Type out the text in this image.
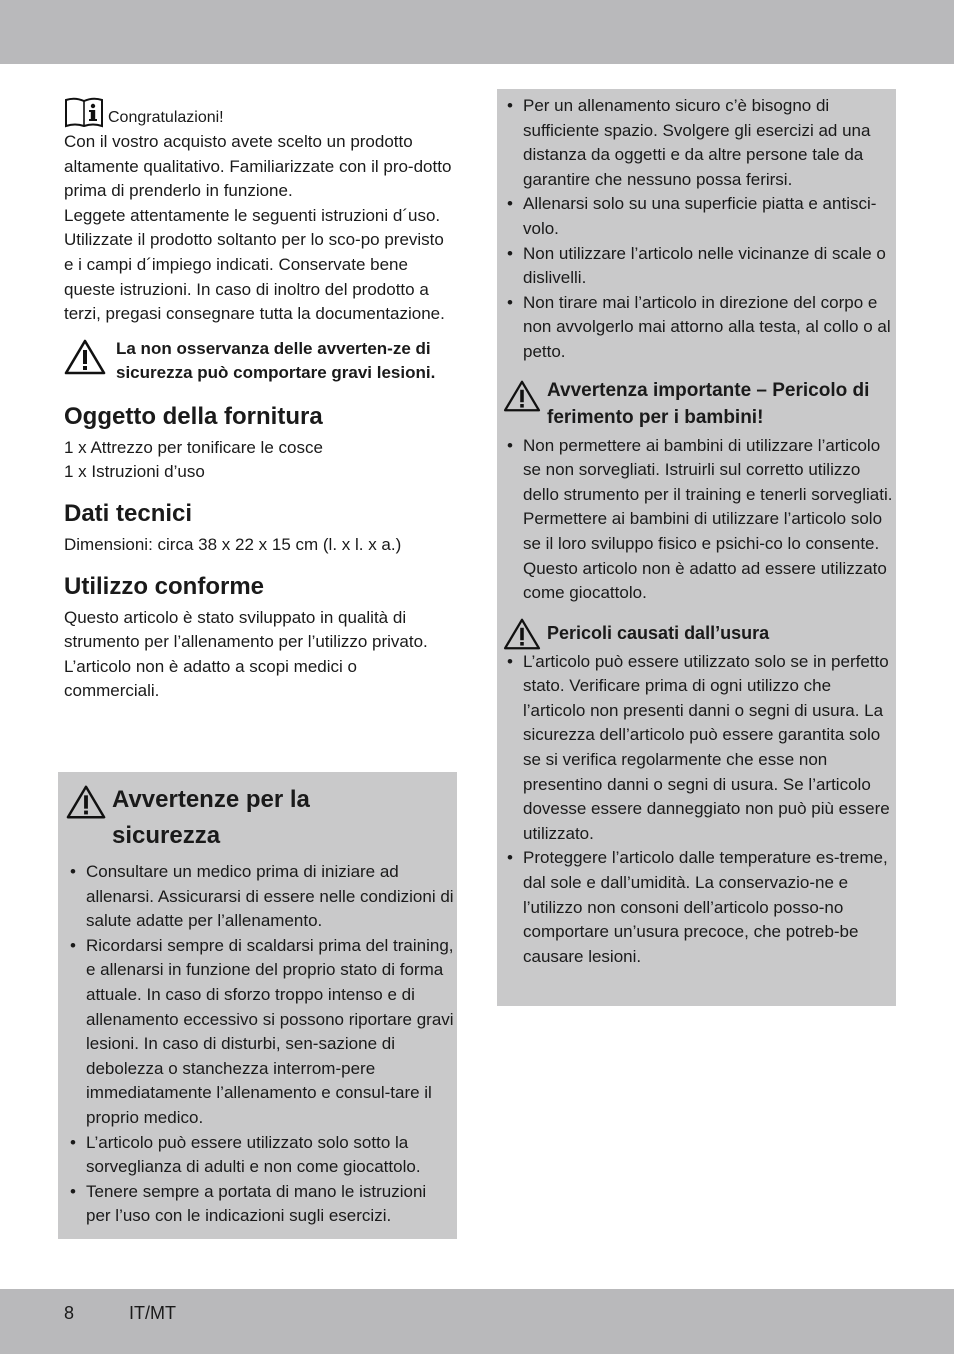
Congratulazioni!

Con il vostro acquisto avete scelto un prodotto altamente qualitativo. Familiarizzate con il pro-dotto prima di prenderlo in funzione.

Leggete attentamente le seguenti istruzioni d´uso. Utilizzate il prodotto soltanto per lo sco-po previsto e i campi d´impiego indicati. Conservate bene queste istruzioni. In caso di inoltro del prodotto a terzi, pregasi consegnare tutta la documentazione.

La non osservanza delle avverten-ze di sicurezza può comportare gravi lesioni.

Oggetto della fornitura

1 x Attrezzo per tonificare le cosce

1 x Istruzioni d’uso

Dati tecnici

Dimensioni: circa 38 x 22 x 15 cm (l. x l. x a.)

Utilizzo conforme

Questo articolo è stato sviluppato in qualità di strumento per l’allenamento per l’utilizzo privato. L’articolo non è adatto a scopi medici o commerciali.

Avvertenze per la
sicurezza
• Consultare un medico prima di iniziare ad allenarsi. Assicurarsi di essere nelle condizioni di salute adatte per l’allenamento.
• Ricordarsi sempre di scaldarsi prima del training, e allenarsi in funzione del proprio stato di forma attuale. In caso di sforzo troppo intenso e di allenamento eccessivo si possono riportare gravi lesioni. In caso di disturbi, sen-sazione di debolezza o stanchezza interrom-pere immediatamente l’allenamento e consul-tare il proprio medico.
• L’articolo può essere utilizzato solo sotto la sorveglianza di adulti e non come giocattolo.
• Tenere sempre a portata di mano le istruzioni per l’uso con le indicazioni sugli esercizi.
• Per un allenamento sicuro c’è bisogno di sufficiente spazio. Svolgere gli esercizi ad una distanza da oggetti e da altre persone tale da garantire che nessuno possa ferirsi.
• Allenarsi solo su una superficie piatta e antisci-volo.
• Non utilizzare l’articolo nelle vicinanze di scale o dislivelli.
• Non tirare mai l’articolo in direzione del corpo e non avvolgerlo mai attorno alla testa, al collo o al petto.
Avvertenza importante – Pericolo di ferimento per i bambini!
• Non permettere ai bambini di utilizzare l’articolo se non sorvegliati. Istruirli sul corretto utilizzo dello strumento per il training e tenerli sorvegliati. Permettere ai bambini di utilizzare l’articolo solo se il loro sviluppo fisico e psichi-co lo consente. Questo articolo non è adatto ad essere utilizzato come giocattolo.
Pericoli causati dall’usura
• L’articolo può essere utilizzato solo se in perfetto stato. Verificare prima di ogni utilizzo che l’articolo non presenti danni o segni di usura. La sicurezza dell’articolo può essere garantita solo se si verifica regolarmente che esse non presentino danni o segni di usura. Se l’articolo dovesse essere danneggiato non può più essere utilizzato.
• Proteggere l’articolo dalle temperature es-treme, dal sole e dall’umidità. La conservazio-ne e l’utilizzo non consoni dell’articolo posso-no comportare un’usura precoce, che potreb-be causare lesioni.
8	IT/MT
